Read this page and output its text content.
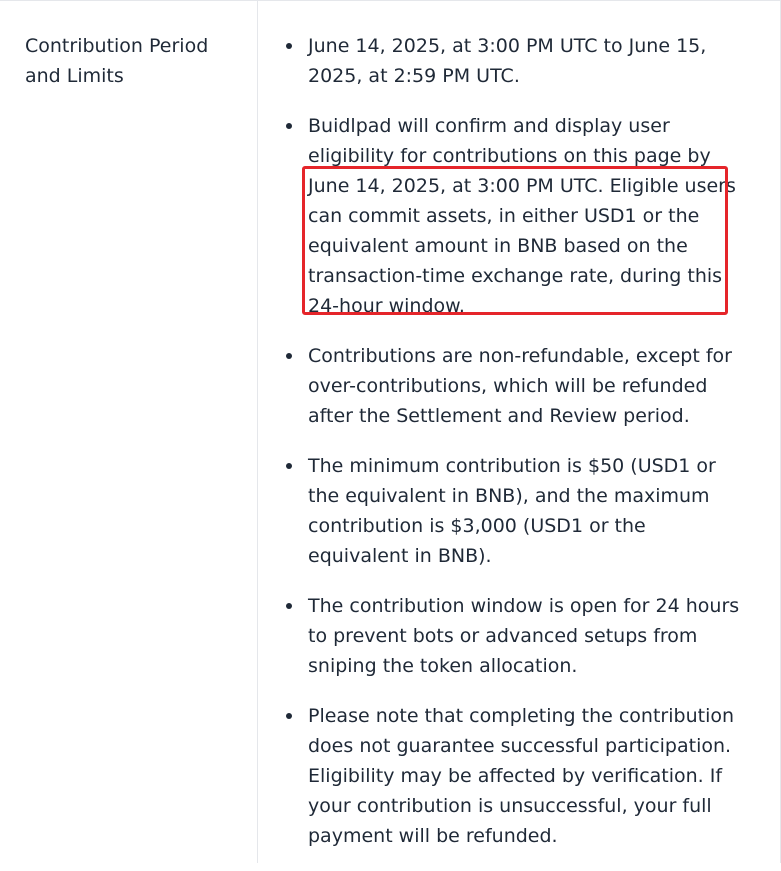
Contribution Period and Limits

June 14, 2025, at 3:00 PM UTC to June 15, 2025, at 2:59 PM UTC.
Buidlpad will confirm and display user eligibility for contributions on this page by June 14, 2025, at 3:00 PM UTC. Eligible users can commit assets, in either USD1 or the equivalent amount in BNB based on the transaction-time exchange rate, during this 24-hour window.
Contributions are non-refundable, except for over-contributions, which will be refunded after the Settlement and Review period.
The minimum contribution is $50 (USD1 or the equivalent in BNB), and the maximum contribution is $3,000 (USD1 or the equivalent in BNB).
The contribution window is open for 24 hours to prevent bots or advanced setups from sniping the token allocation.
Please note that completing the contribution does not guarantee successful participation. Eligibility may be affected by verification. If your contribution is unsuccessful, your full payment will be refunded.
